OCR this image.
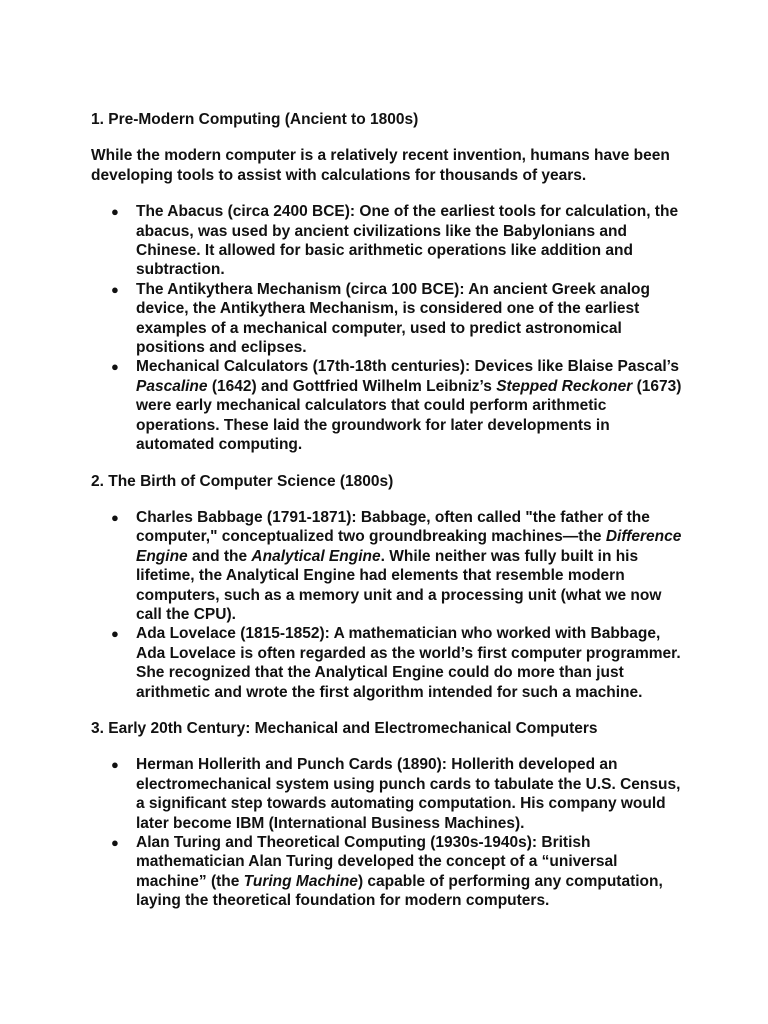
1. Pre-Modern Computing (Ancient to 1800s)
While the modern computer is a relatively recent invention, humans have been developing tools to assist with calculations for thousands of years.
● The Abacus (circa 2400 BCE): One of the earliest tools for calculation, the abacus, was used by ancient civilizations like the Babylonians and Chinese. It allowed for basic arithmetic operations like addition and subtraction.
● The Antikythera Mechanism (circa 100 BCE): An ancient Greek analog device, the Antikythera Mechanism, is considered one of the earliest examples of a mechanical computer, used to predict astronomical positions and eclipses.
● Mechanical Calculators (17th-18th centuries): Devices like Blaise Pascal’s Pascaline (1642) and Gottfried Wilhelm Leibniz’s Stepped Reckoner (1673) were early mechanical calculators that could perform arithmetic operations. These laid the groundwork for later developments in automated computing.
2. The Birth of Computer Science (1800s)
● Charles Babbage (1791-1871): Babbage, often called "the father of the computer," conceptualized two groundbreaking machines—the Difference Engine and the Analytical Engine. While neither was fully built in his lifetime, the Analytical Engine had elements that resemble modern computers, such as a memory unit and a processing unit (what we now call the CPU).
● Ada Lovelace (1815-1852): A mathematician who worked with Babbage, Ada Lovelace is often regarded as the world’s first computer programmer. She recognized that the Analytical Engine could do more than just arithmetic and wrote the first algorithm intended for such a machine.
3. Early 20th Century: Mechanical and Electromechanical Computers
● Herman Hollerith and Punch Cards (1890): Hollerith developed an electromechanical system using punch cards to tabulate the U.S. Census, a significant step towards automating computation. His company would later become IBM (International Business Machines).
● Alan Turing and Theoretical Computing (1930s-1940s): British mathematician Alan Turing developed the concept of a “universal machine” (the Turing Machine) capable of performing any computation, laying the theoretical foundation for modern computers.
